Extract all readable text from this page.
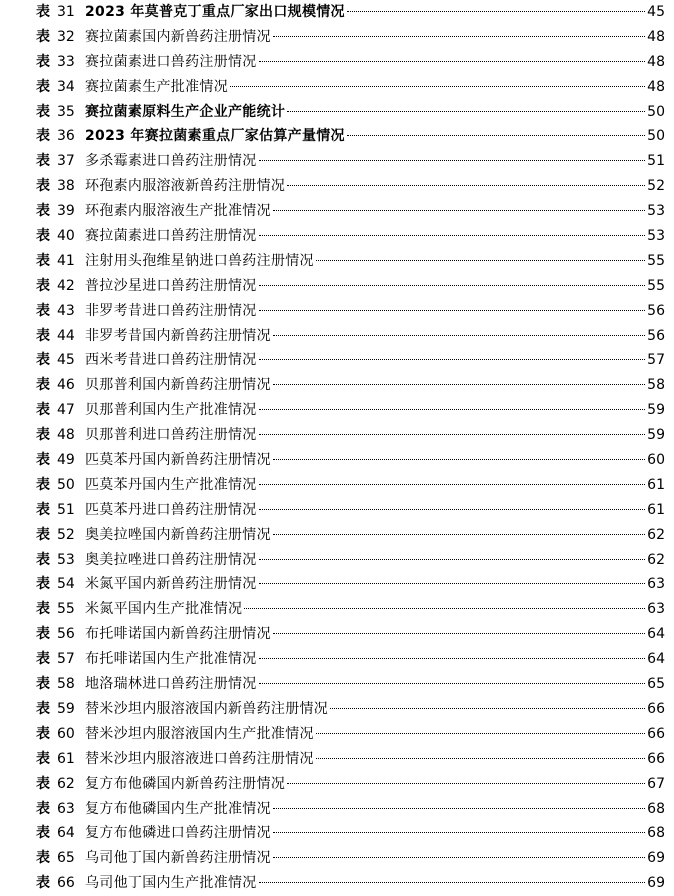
表 31 2023 年莫普克丁重点厂家出口规模情况	45
表 32 赛拉菌素国内新兽药注册情况	48
表 33 赛拉菌素进口兽药注册情况	48
表 34 赛拉菌素生产批准情况	48
表 35 赛拉菌素原料生产企业产能统计	50
表 36 2023 年赛拉菌素重点厂家估算产量情况	50
表 37 多杀霉素进口兽药注册情况	51
表 38 环孢素内服溶液新兽药注册情况	52
表 39 环孢素内服溶液生产批准情况	53
表 40 赛拉菌素进口兽药注册情况	53
表 41 注射用头孢维星钠进口兽药注册情况	55
表 42 普拉沙星进口兽药注册情况	55
表 43 非罗考昔进口兽药注册情况	56
表 44 非罗考昔国内新兽药注册情况	56
表 45 西米考昔进口兽药注册情况	57
表 46 贝那普利国内新兽药注册情况	58
表 47 贝那普利国内生产批准情况	59
表 48 贝那普利进口兽药注册情况	59
表 49 匹莫苯丹国内新兽药注册情况	60
表 50 匹莫苯丹国内生产批准情况	61
表 51 匹莫苯丹进口兽药注册情况	61
表 52 奥美拉唑国内新兽药注册情况	62
表 53 奥美拉唑进口兽药注册情况	62
表 54 米氮平国内新兽药注册情况	63
表 55 米氮平国内生产批准情况	63
表 56 布托啡诺国内新兽药注册情况	64
表 57 布托啡诺国内生产批准情况	64
表 58 地洛瑞林进口兽药注册情况	65
表 59 替米沙坦内服溶液国内新兽药注册情况	66
表 60 替米沙坦内服溶液国内生产批准情况	66
表 61 替米沙坦内服溶液进口兽药注册情况	66
表 62 复方布他磷国内新兽药注册情况	67
表 63 复方布他磷国内生产批准情况	68
表 64 复方布他磷进口兽药注册情况	68
表 65 乌司他丁国内新兽药注册情况	69
表 66 乌司他丁国内生产批准情况	69
